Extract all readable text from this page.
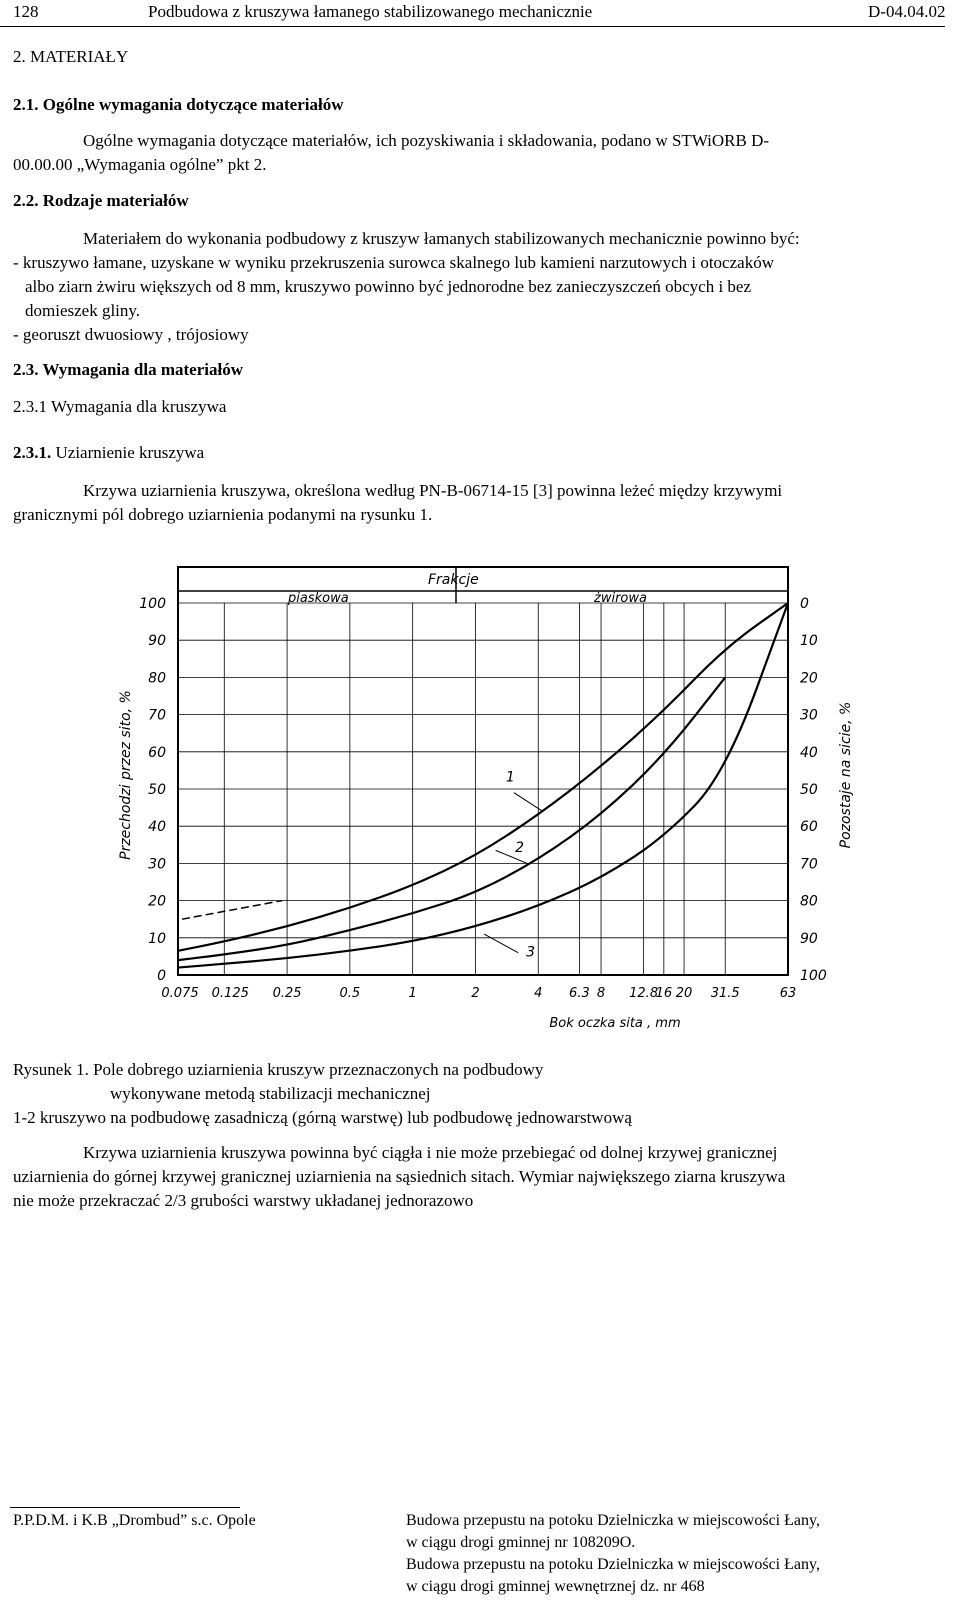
128	Podbudowa z kruszywa łamanego stabilizowanego mechanicznie	D-04.04.02
2. MATERIAŁY
2.1. Ogólne wymagania dotyczące materiałów
Ogólne wymagania dotyczące materiałów, ich pozyskiwania i składowania, podano w STWiORB D-
00.00.00 „Wymagania ogólne” pkt 2.
2.2. Rodzaje materiałów
Materiałem do wykonania podbudowy z kruszyw łamanych stabilizowanych mechanicznie powinno być:
- kruszywo łamane, uzyskane w wyniku przekruszenia surowca skalnego lub kamieni narzutowych i otoczaków
albo ziarn żwiru większych od 8 mm, kruszywo powinno być jednorodne bez zanieczyszczeń obcych i bez
domieszek gliny.
- georuszt dwuosiowy , trójosiowy
2.3. Wymagania dla materiałów
2.3.1 Wymagania dla kruszywa
2.3.1. Uziarnienie kruszywa
Krzywa uziarnienia kruszywa, określona według PN-B-06714-15 [3] powinna leżeć między krzywymi
granicznymi pól dobrego uziarnienia podanymi na rysunku 1.
Frakcje
piaskowa	żwirowa
0
10
20
30
40
50
60
70
80
90
100
100
90
80
70
60
50
40
30
20
10
0
0.075 0.125 0.25	0.5	1	2	4 6.3 8 12.8
16 20 31.5	63
Przechodzi przez sito, %	Pozostaje na sicie, %
Bok oczka sita , mm
1
2
3
Rysunek 1. Pole dobrego uziarnienia kruszyw przeznaczonych na podbudowy
wykonywane metodą stabilizacji mechanicznej
1-2 kruszywo na podbudowę zasadniczą (górną warstwę) lub podbudowę jednowarstwową
Krzywa uziarnienia kruszywa powinna być ciągła i nie może przebiegać od dolnej krzywej granicznej
uziarnienia do górnej krzywej granicznej uziarnienia na sąsiednich sitach. Wymiar największego ziarna kruszywa
nie może przekraczać 2/3 grubości warstwy układanej jednorazowo
P.P.D.M. i K.B „Drombud” s.c. Opole	Budowa przepustu na potoku Dzielniczka w miejscowości Łany,
w ciągu drogi gminnej nr 108209O.
Budowa przepustu na potoku Dzielniczka w miejscowości Łany,
w ciągu drogi gminnej wewnętrznej dz. nr 468
